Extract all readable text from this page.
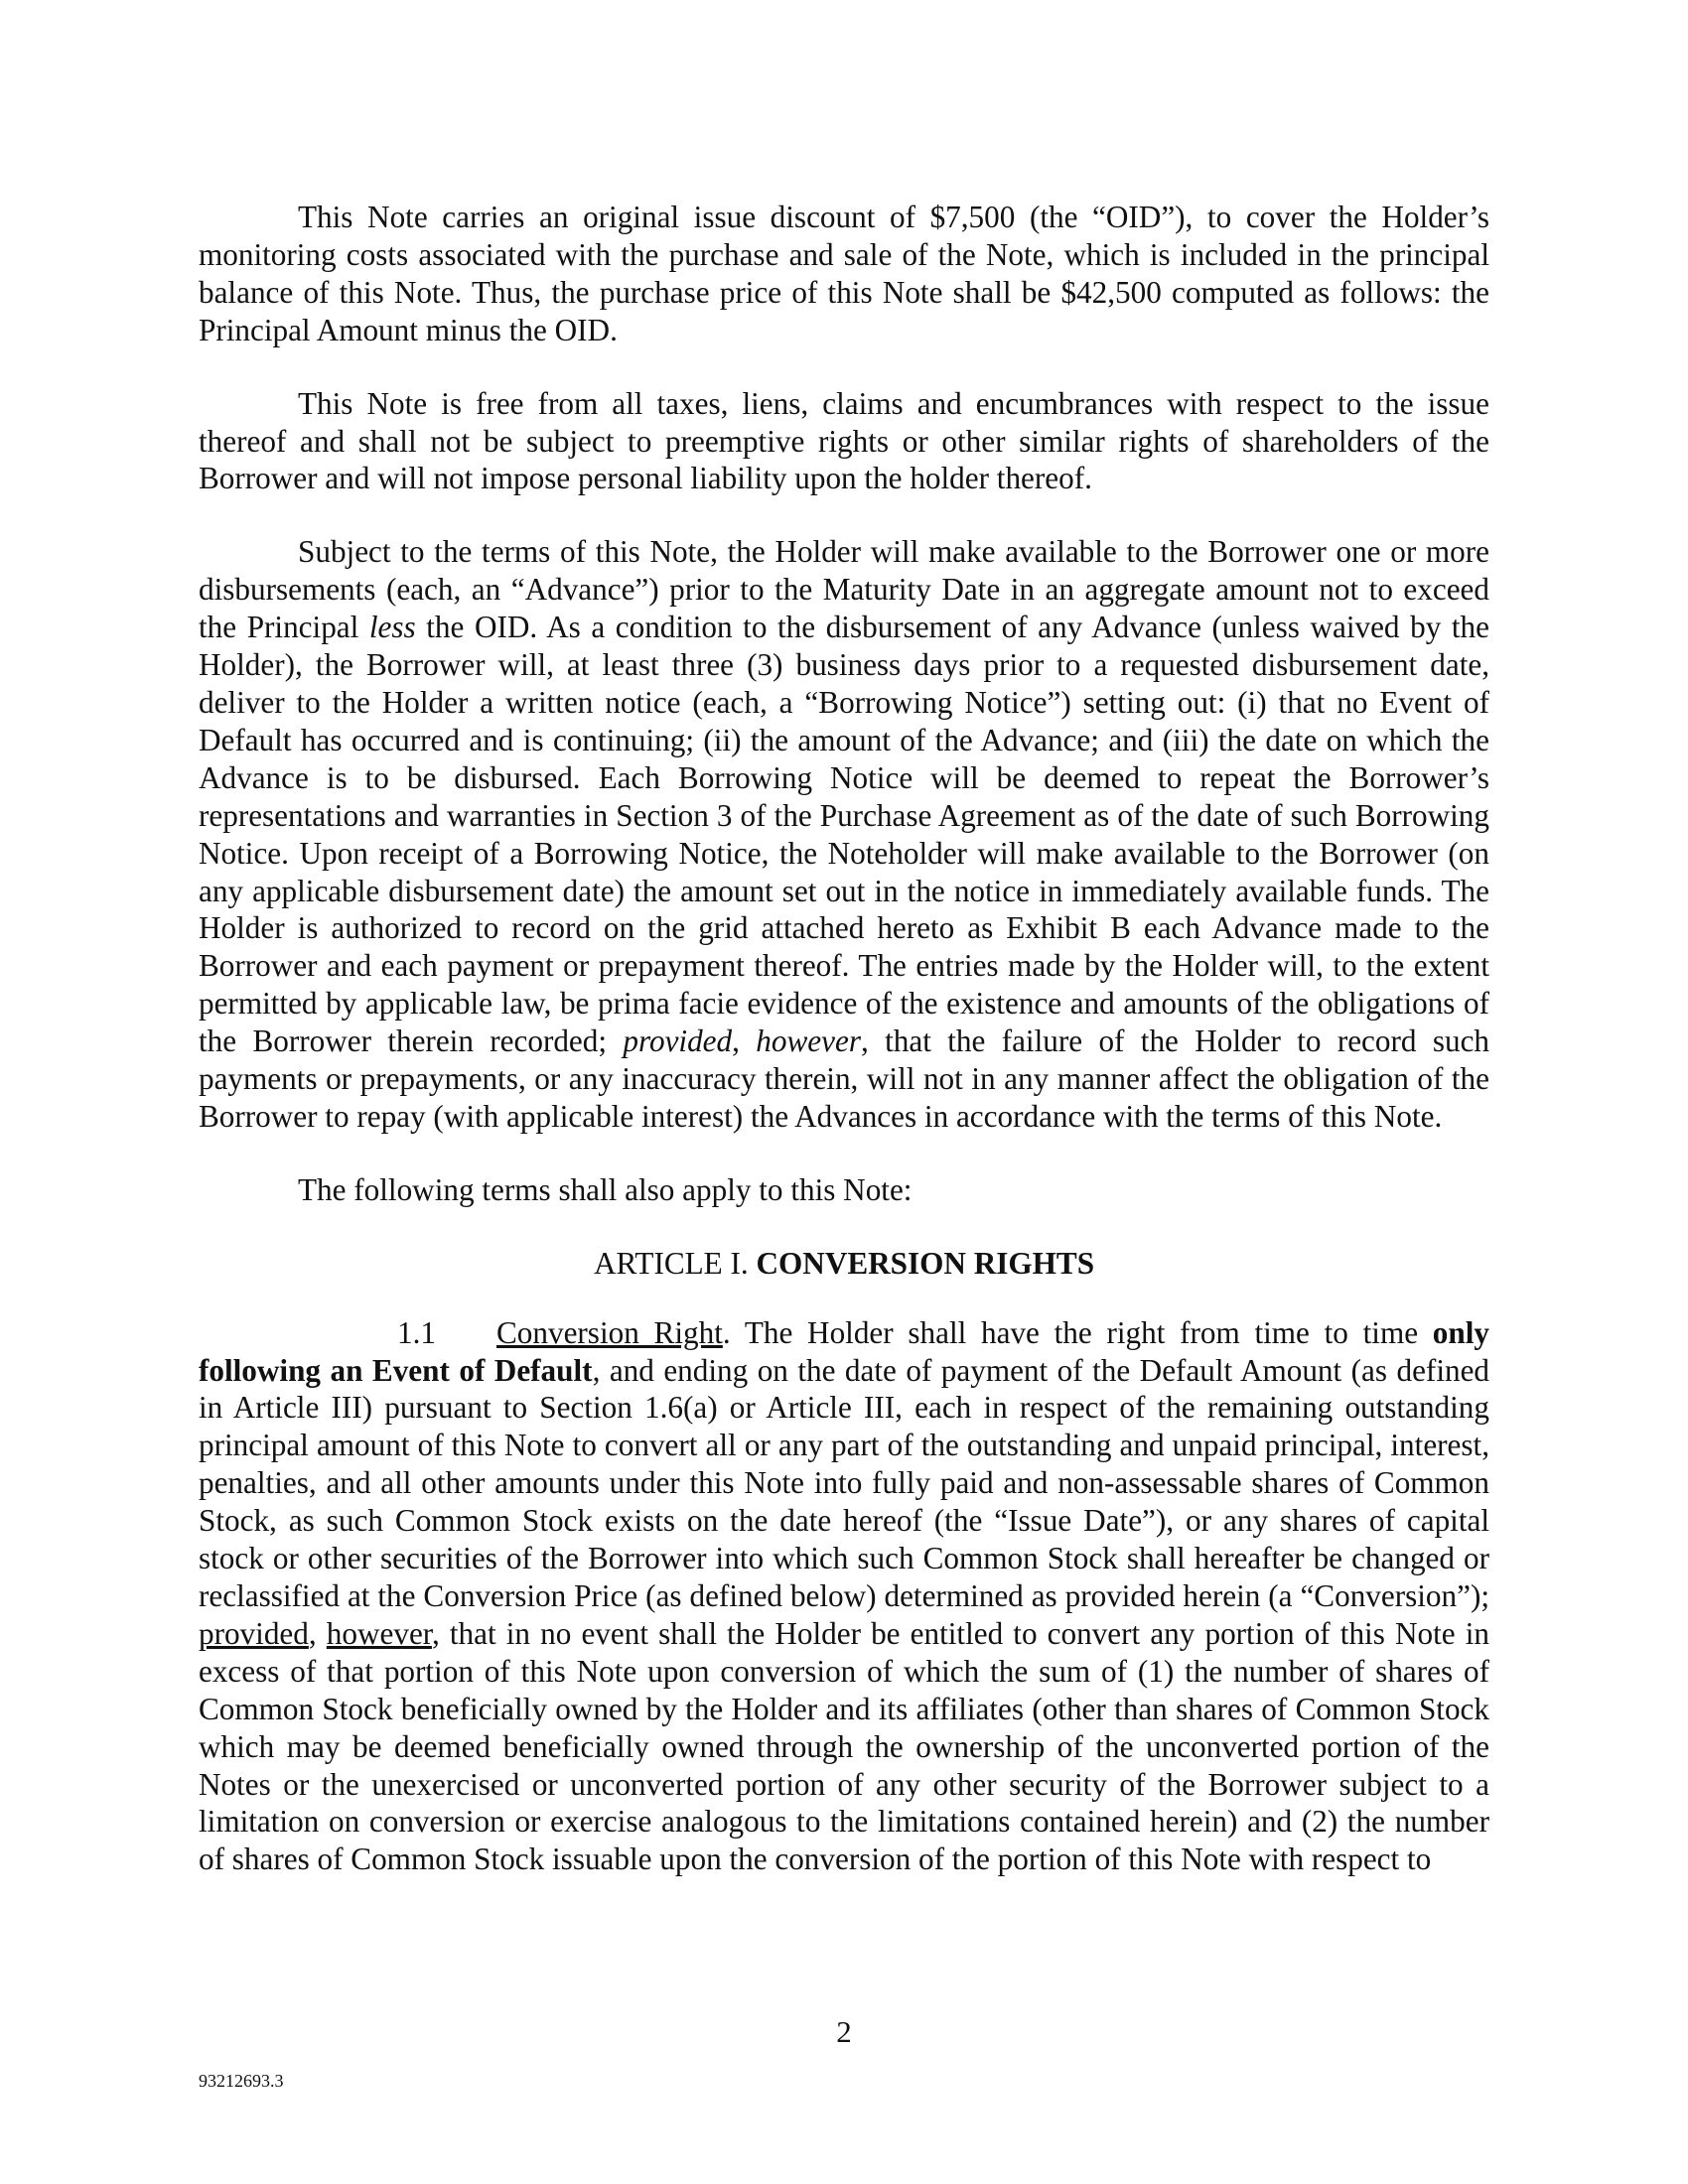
This Note carries an original issue discount of $7,500 (the “OID”), to cover the Holder’s monitoring costs associated with the purchase and sale of the Note, which is included in the principal balance of this Note. Thus, the purchase price of this Note shall be $42,500 computed as follows: the Principal Amount minus the OID.

This Note is free from all taxes, liens, claims and encumbrances with respect to the issue thereof and shall not be subject to preemptive rights or other similar rights of shareholders of the Borrower and will not impose personal liability upon the holder thereof.

Subject to the terms of this Note, the Holder will make available to the Borrower one or more disbursements (each, an “Advance”) prior to the Maturity Date in an aggregate amount not to exceed the Principal less the OID. As a condition to the disbursement of any Advance (unless waived by the Holder), the Borrower will, at least three (3) business days prior to a requested disbursement date, deliver to the Holder a written notice (each, a “Borrowing Notice”) setting out: (i) that no Event of Default has occurred and is continuing; (ii) the amount of the Advance; and (iii) the date on which the Advance is to be disbursed. Each Borrowing Notice will be deemed to repeat the Borrower’s representations and warranties in Section 3 of the Purchase Agreement as of the date of such Borrowing Notice. Upon receipt of a Borrowing Notice, the Noteholder will make available to the Borrower (on any applicable disbursement date) the amount set out in the notice in immediately available funds. The Holder is authorized to record on the grid attached hereto as Exhibit B each Advance made to the Borrower and each payment or prepayment thereof. The entries made by the Holder will, to the extent permitted by applicable law, be prima facie evidence of the existence and amounts of the obligations of the Borrower therein recorded; provided, however, that the failure of the Holder to record such payments or prepayments, or any inaccuracy therein, will not in any manner affect the obligation of the Borrower to repay (with applicable interest) the Advances in accordance with the terms of this Note.

The following terms shall also apply to this Note:

ARTICLE I. CONVERSION RIGHTS

1.1 Conversion Right. The Holder shall have the right from time to time only following an Event of Default, and ending on the date of payment of the Default Amount (as defined in Article III) pursuant to Section 1.6(a) or Article III, each in respect of the remaining outstanding principal amount of this Note to convert all or any part of the outstanding and unpaid principal, interest, penalties, and all other amounts under this Note into fully paid and non-assessable shares of Common Stock, as such Common Stock exists on the date hereof (the “Issue Date”), or any shares of capital stock or other securities of the Borrower into which such Common Stock shall hereafter be changed or reclassified at the Conversion Price (as defined below) determined as provided herein (a “Conversion”); provided, however, that in no event shall the Holder be entitled to convert any portion of this Note in excess of that portion of this Note upon conversion of which the sum of (1) the number of shares of Common Stock beneficially owned by the Holder and its affiliates (other than shares of Common Stock which may be deemed beneficially owned through the ownership of the unconverted portion of the Notes or the unexercised or unconverted portion of any other security of the Borrower subject to a limitation on conversion or exercise analogous to the limitations contained herein) and (2) the number of shares of Common Stock issuable upon the conversion of the portion of this Note with respect to

2
93212693.3
